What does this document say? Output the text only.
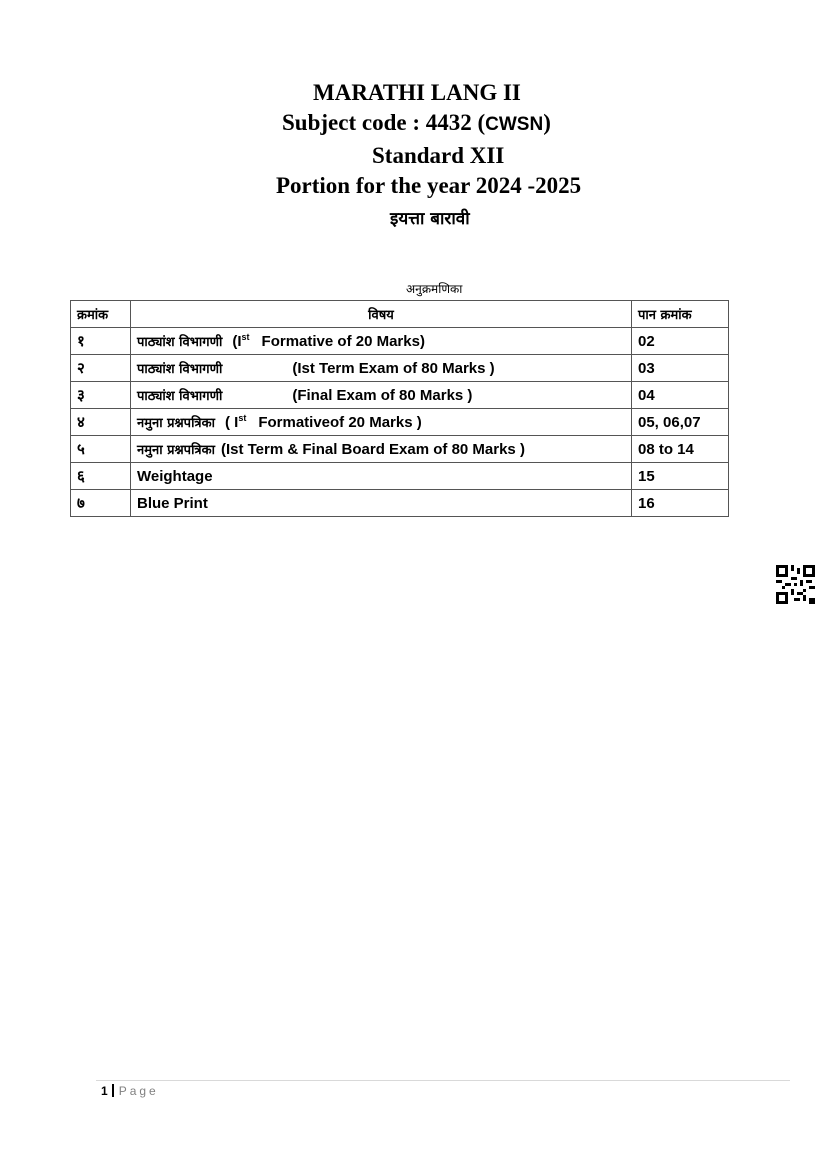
MARATHI LANG II
Subject code : 4432 (CWSN)
Standard XII
Portion for the year 2024 -2025
इयत्ता बारावी
अनुक्रमणिका
क्रमांक	विषय	पान क्रमांक
१	पाठ्यांश विभागणी (Ist Formative of 20 Marks)	02
२	पाठ्यांश विभागणी (Ist Term Exam of 80 Marks )	03
३	पाठ्यांश विभागणी (Final Exam of 80 Marks )	04
४	नमुना प्रश्नपत्रिका ( Ist Formativeof 20 Marks )	05, 06,07
५	नमुना प्रश्नपत्रिका (Ist Term & Final Board Exam of 80 Marks )	08 to 14
६	Weightage	15
७	Blue Print	16
1 Page
